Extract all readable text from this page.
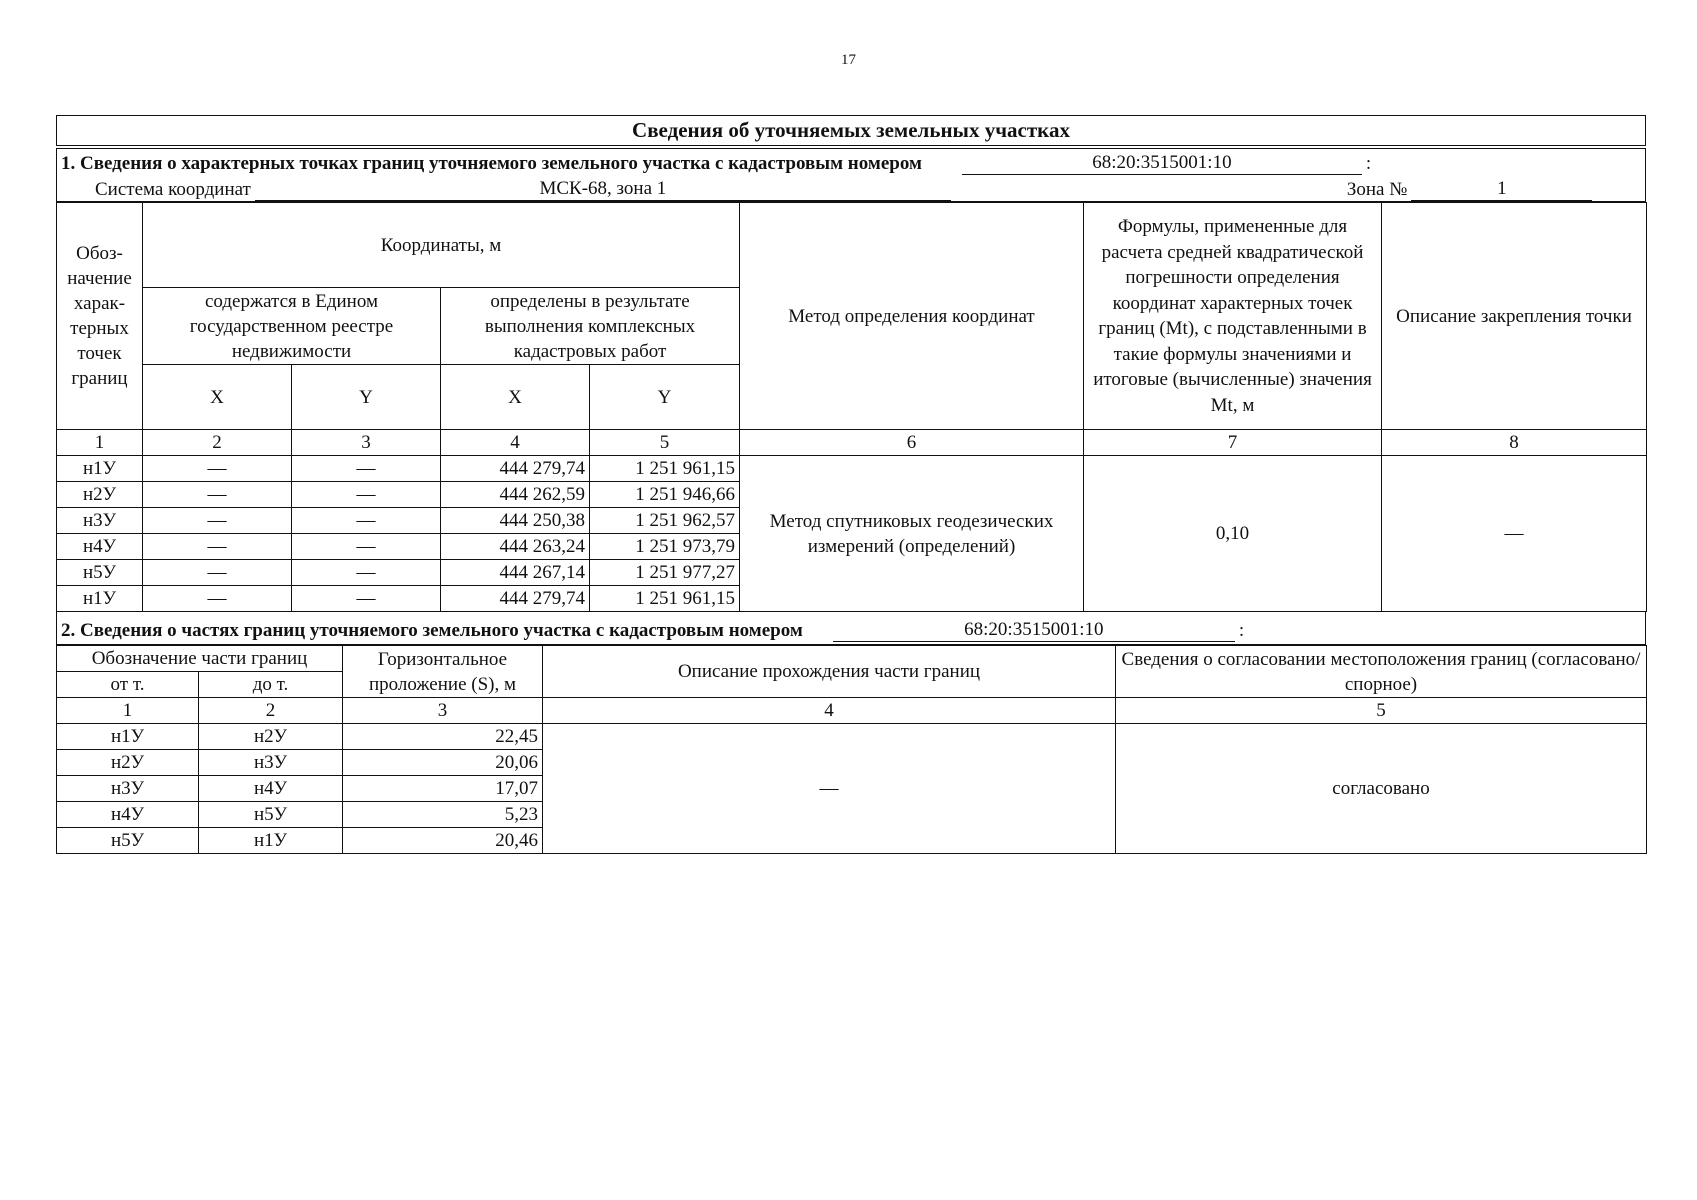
17
Сведения об уточняемых земельных участках
1. Сведения о характерных точках границ уточняемого земельного участка с кадастровым номером	68:20:3515001:10	:
Система координат	МСК-68, зона 1	Зона №	1
Обоз-начение харак-терных точек границ	Координаты, м				Метод определения координат	Формулы, примененные для расчета средней квадратической погрешности определения координат характерных точек границ (Mt), с подставленными в такие формулы значениями и итоговые (вычисленные) значения Mt, м	Описание закрепления точки
	содержатся в Едином государственном реестре недвижимости		определены в результате выполнения комплексных кадастровых работ				
	X	Y	X	Y			
1	2	3	4	5	6	7	8
н1У	—	—	444 279,74	1 251 961,15	Метод спутниковых геодезических измерений (определений)	0,10	—
н2У	—	—	444 262,59	1 251 946,66			
н3У	—	—	444 250,38	1 251 962,57			
н4У	—	—	444 263,24	1 251 973,79			
н5У	—	—	444 267,14	1 251 977,27			
н1У	—	—	444 279,74	1 251 961,15			
2. Сведения о частях границ уточняемого земельного участка с кадастровым номером	68:20:3515001:10	:
Обозначение части границ		Горизонтальное проложение (S), м	Описание прохождения части границ	Сведения о согласовании местоположения границ (согласовано/спорное)
от т.	до т.			
1	2	3	4	5
н1У	н2У	22,45	—	согласовано
н2У	н3У	20,06		
н3У	н4У	17,07		
н4У	н5У	5,23		
н5У	н1У	20,46		
